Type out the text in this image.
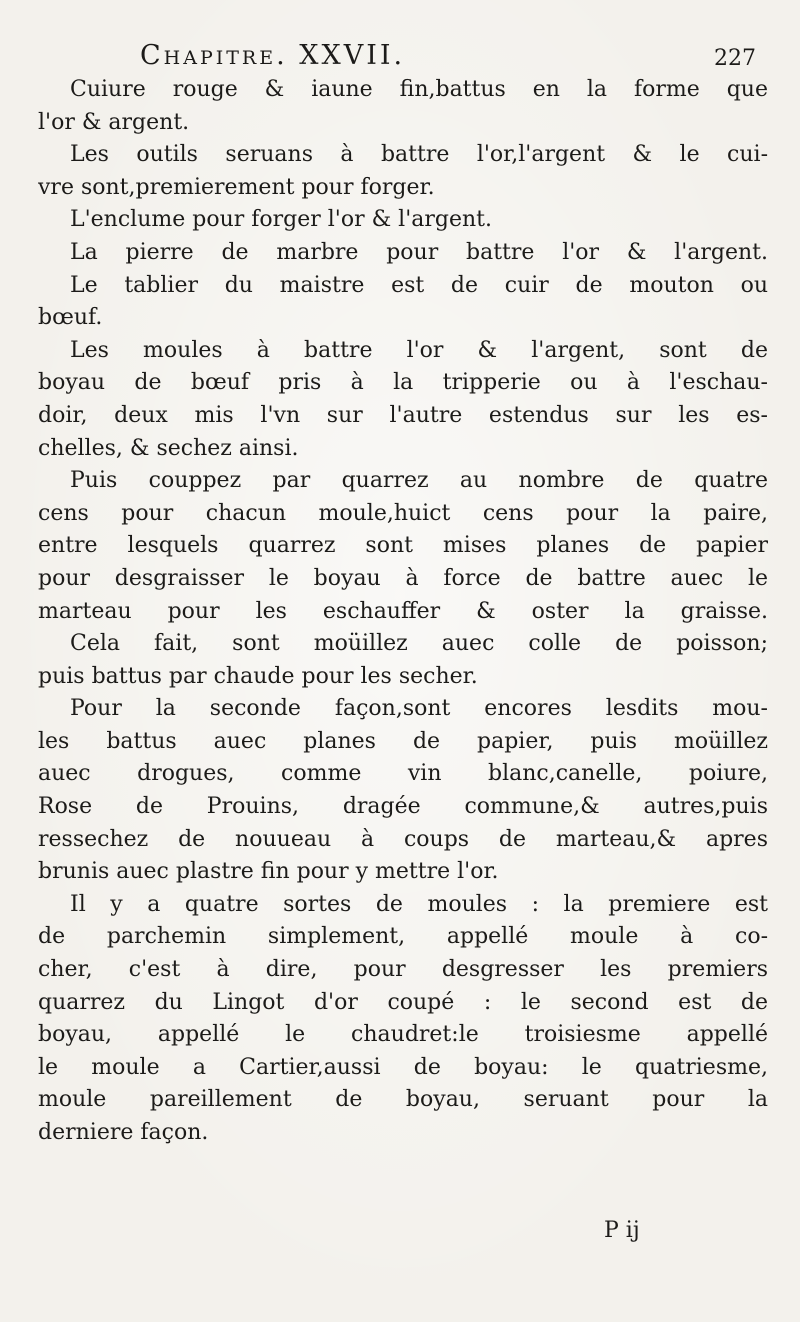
Chapitre. XXVII.	227
Cuiure rouge & iaune fin,battus en la forme que
l'or & argent.
Les outils seruans à battre l'or,l'argent & le cui-
vre sont,premierement pour forger.
L'enclume pour forger l'or & l'argent.
La pierre de marbre pour battre l'or & l'argent.
Le tablier du maistre est de cuir de mouton ou
bœuf.
Les moules à battre l'or & l'argent, sont de
boyau de bœuf pris à la tripperie ou à l'eschau-
doir, deux mis l'vn sur l'autre estendus sur les es-
chelles, & sechez ainsi.
Puis couppez par quarrez au nombre de quatre
cens pour chacun moule,huict cens pour la paire,
entre lesquels quarrez sont mises planes de papier
pour desgraisser le boyau à force de battre auec le
marteau pour les eschauffer & oster la graisse.
Cela fait, sont moüillez auec colle de poisson;
puis battus par chaude pour les secher.
Pour la seconde façon,sont encores lesdits mou-
les battus auec planes de papier, puis moüillez
auec drogues, comme vin blanc,canelle, poiure,
Rose de Prouins, dragée commune,& autres,puis
ressechez de nouueau à coups de marteau,& apres
brunis auec plastre fin pour y mettre l'or.
Il y a quatre sortes de moules : la premiere est
de parchemin simplement, appellé moule à co-
cher, c'est à dire, pour desgresser les premiers
quarrez du Lingot d'or coupé : le second est de
boyau, appellé le chaudret:le troisiesme appellé
le moule a Cartier,aussi de boyau: le quatriesme,
moule pareillement de boyau, seruant pour la
derniere façon.
P ij
